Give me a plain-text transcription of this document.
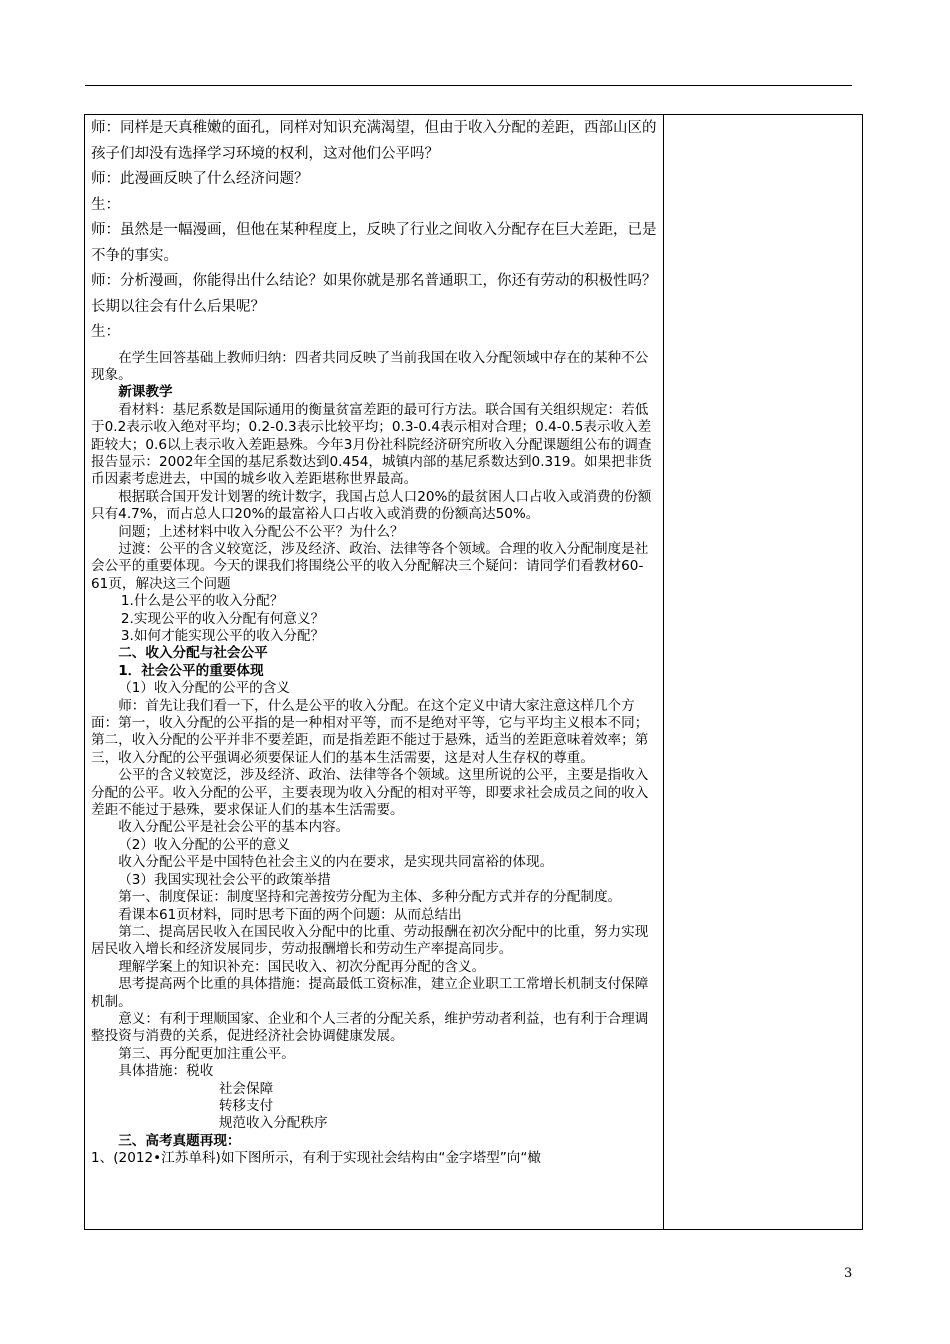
师：同样是天真稚嫩的面孔，同样对知识充满渴望，但由于收入分配的差距，西部山区的孩子们却没有选择学习环境的权利，这对他们公平吗？

师：此漫画反映了什么经济问题？

生：

师：虽然是一幅漫画，但他在某种程度上，反映了行业之间收入分配存在巨大差距，已是不争的事实。

师：分析漫画，你能得出什么结论？如果你就是那名普通职工，你还有劳动的积极性吗？长期以往会有什么后果呢？

生：

在学生回答基础上教师归纳：四者共同反映了当前我国在收入分配领域中存在的某种不公现象。

新课教学

看材料：基尼系数是国际通用的衡量贫富差距的最可行方法。联合国有关组织规定：若低于0.2表示收入绝对平均；0.2-0.3表示比较平均；0.3-0.4表示相对合理；0.4-0.5表示收入差距较大；0.6以上表示收入差距悬殊。今年3月份社科院经济研究所收入分配课题组公布的调查报告显示：2002年全国的基尼系数达到0.454，城镇内部的基尼系数达到0.319。如果把非货币因素考虑进去，中国的城乡收入差距堪称世界最高。

根据联合国开发计划署的统计数字，我国占总人口20%的最贫困人口占收入或消费的份额只有4.7%，而占总人口20%的最富裕人口占收入或消费的份额高达50%。

问题；上述材料中收入分配公不公平？为什么？

过渡：公平的含义较宽泛，涉及经济、政治、法律等各个领域。合理的收入分配制度是社会公平的重要体现。今天的课我们将围绕公平的收入分配解决三个疑问：请同学们看教材60-61页，解决这三个问题

1.什么是公平的收入分配？

2.实现公平的收入分配有何意义？

3.如何才能实现公平的收入分配？

二、收入分配与社会公平

1．社会公平的重要体现

（1）收入分配的公平的含义

师：首先让我们看一下，什么是公平的收入分配。在这个定义中请大家注意这样几个方面：第一，收入分配的公平指的是一种相对平等，而不是绝对平等，它与平均主义根本不同；第二，收入分配的公平并非不要差距，而是指差距不能过于悬殊，适当的差距意味着效率；第三，收入分配的公平强调必须要保证人们的基本生活需要，这是对人生存权的尊重。

公平的含义较宽泛，涉及经济、政治、法律等各个领域。这里所说的公平，主要是指收入分配的公平。收入分配的公平，主要表现为收入分配的相对平等，即要求社会成员之间的收入差距不能过于悬殊，要求保证人们的基本生活需要。

收入分配公平是社会公平的基本内容。

（2）收入分配的公平的意义

收入分配公平是中国特色社会主义的内在要求，是实现共同富裕的体现。

（3）我国实现社会公平的政策举措

第一、制度保证：制度坚持和完善按劳分配为主体、多种分配方式并存的分配制度。

看课本61页材料，同时思考下面的两个问题：从而总结出

第二、提高居民收入在国民收入分配中的比重、劳动报酬在初次分配中的比重，努力实现居民收入增长和经济发展同步，劳动报酬增长和劳动生产率提高同步。

理解学案上的知识补充：国民收入、初次分配再分配的含义。

思考提高两个比重的具体措施：提高最低工资标准，建立企业职工工常增长机制支付保障机制。

意义：有利于理顺国家、企业和个人三者的分配关系，维护劳动者利益，也有利于合理调整投资与消费的关系，促进经济社会协调健康发展。

第三、再分配更加注重公平。

具体措施：税收

社会保障

转移支付

规范收入分配秩序

三、高考真题再现：

1、(2012•江苏单科)如下图所示，有利于实现社会结构由“金字塔型”向“橄

3
